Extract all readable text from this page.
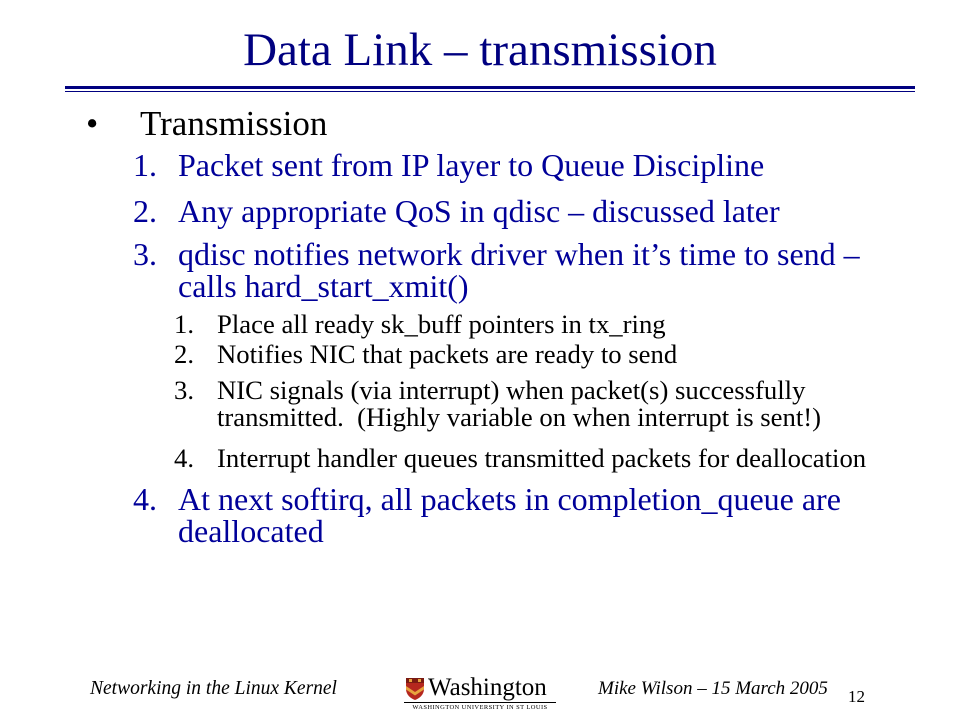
Data Link – transmission
• Transmission
1. Packet sent from IP layer to Queue Discipline
2. Any appropriate QoS in qdisc – discussed later
3. qdisc notifies network driver when it’s time to send –
calls hard_start_xmit()
1. Place all ready sk_buff pointers in tx_ring
2. Notifies NIC that packets are ready to send
3. NIC signals (via interrupt) when packet(s) successfully
transmitted.  (Highly variable on when interrupt is sent!)
4. Interrupt handler queues transmitted packets for deallocation
4. At next softirq, all packets in completion_queue are
deallocated
Networking in the Linux Kernel	Washington
WASHINGTON UNIVERSITY IN ST LOUIS
Mike Wilson – 15 March 2005 12
